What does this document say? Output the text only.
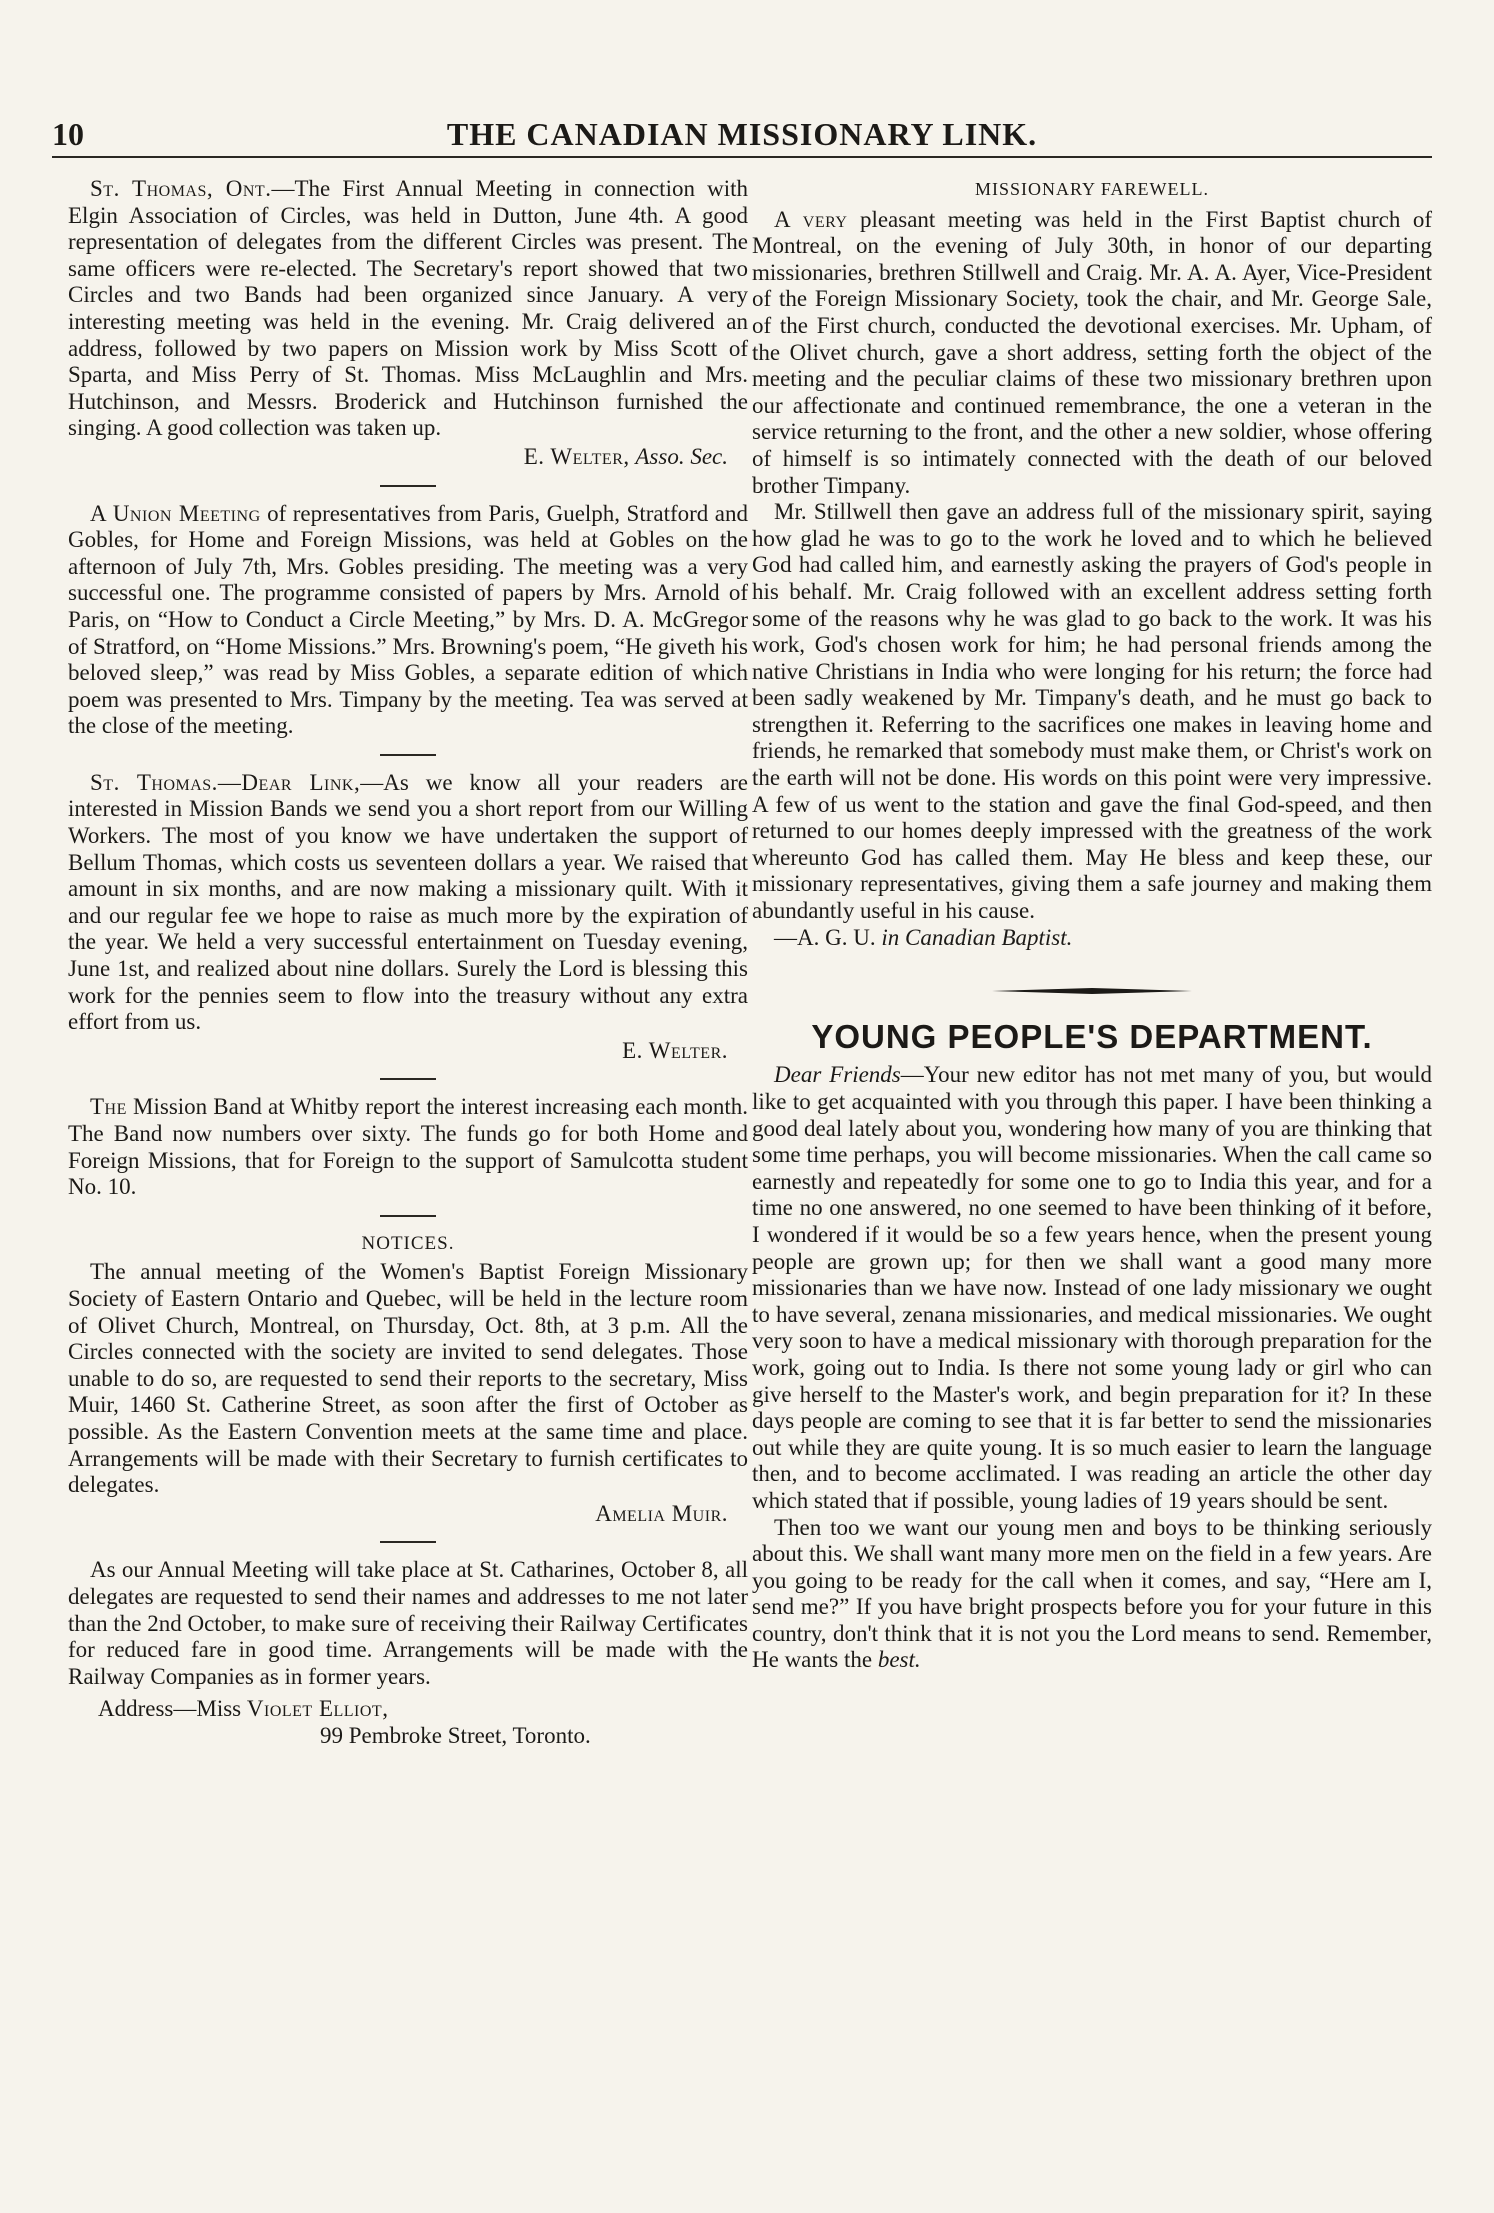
10	THE CANADIAN MISSIONARY LINK.

St. Thomas, Ont.—The First Annual Meeting in connection with Elgin Association of Circles, was held in Dutton, June 4th. A good representation of delegates from the different Circles was present. The same officers were re-elected. The Secretary's report showed that two Circles and two Bands had been organized since January. A very interesting meeting was held in the evening. Mr. Craig delivered an address, followed by two papers on Mission work by Miss Scott of Sparta, and Miss Perry of St. Thomas. Miss McLaughlin and Mrs. Hutchinson, and Messrs. Broderick and Hutchinson furnished the singing. A good collection was taken up.

E. Welter, Asso. Sec.

A Union Meeting of representatives from Paris, Guelph, Stratford and Gobles, for Home and Foreign Missions, was held at Gobles on the afternoon of July 7th, Mrs. Gobles presiding. The meeting was a very successful one. The programme consisted of papers by Mrs. Arnold of Paris, on “How to Conduct a Circle Meeting,” by Mrs. D. A. McGregor of Stratford, on “Home Missions.” Mrs. Browning's poem, “He giveth his beloved sleep,” was read by Miss Gobles, a separate edition of which poem was presented to Mrs. Timpany by the meeting. Tea was served at the close of the meeting.

St. Thomas.—Dear Link,—As we know all your readers are interested in Mission Bands we send you a short report from our Willing Workers. The most of you know we have undertaken the support of Bellum Thomas, which costs us seventeen dollars a year. We raised that amount in six months, and are now making a missionary quilt. With it and our regular fee we hope to raise as much more by the expiration of the year. We held a very successful entertainment on Tuesday evening, June 1st, and realized about nine dollars. Surely the Lord is blessing this work for the pennies seem to flow into the treasury without any extra effort from us.

E. Welter.

The Mission Band at Whitby report the interest increasing each month. The Band now numbers over sixty. The funds go for both Home and Foreign Missions, that for Foreign to the support of Samulcotta student No. 10.

NOTICES.

The annual meeting of the Women's Baptist Foreign Missionary Society of Eastern Ontario and Quebec, will be held in the lecture room of Olivet Church, Montreal, on Thursday, Oct. 8th, at 3 p.m. All the Circles connected with the society are invited to send delegates. Those unable to do so, are requested to send their reports to the secretary, Miss Muir, 1460 St. Catherine Street, as soon after the first of October as possible. As the Eastern Convention meets at the same time and place. Arrangements will be made with their Secretary to furnish certificates to delegates.

Amelia Muir.

As our Annual Meeting will take place at St. Catharines, October 8, all delegates are requested to send their names and addresses to me not later than the 2nd October, to make sure of receiving their Railway Certificates for reduced fare in good time. Arrangements will be made with the Railway Companies as in former years.

Address—Miss Violet Elliot,

99 Pembroke Street, Toronto.

MISSIONARY FAREWELL.

A very pleasant meeting was held in the First Baptist church of Montreal, on the evening of July 30th, in honor of our departing missionaries, brethren Stillwell and Craig. Mr. A. A. Ayer, Vice-President of the Foreign Missionary Society, took the chair, and Mr. George Sale, of the First church, conducted the devotional exercises. Mr. Upham, of the Olivet church, gave a short address, setting forth the object of the meeting and the peculiar claims of these two missionary brethren upon our affectionate and continued remembrance, the one a veteran in the service returning to the front, and the other a new soldier, whose offering of himself is so intimately connected with the death of our beloved brother Timpany.

Mr. Stillwell then gave an address full of the missionary spirit, saying how glad he was to go to the work he loved and to which he believed God had called him, and earnestly asking the prayers of God's people in his behalf. Mr. Craig followed with an excellent address setting forth some of the reasons why he was glad to go back to the work. It was his work, God's chosen work for him; he had personal friends among the native Christians in India who were longing for his return; the force had been sadly weakened by Mr. Timpany's death, and he must go back to strengthen it. Referring to the sacrifices one makes in leaving home and friends, he remarked that somebody must make them, or Christ's work on the earth will not be done. His words on this point were very impressive. A few of us went to the station and gave the final God-speed, and then returned to our homes deeply impressed with the greatness of the work whereunto God has called them. May He bless and keep these, our missionary representatives, giving them a safe journey and making them abundantly useful in his cause.

—A. G. U. in Canadian Baptist.

YOUNG PEOPLE'S DEPARTMENT.

Dear Friends—Your new editor has not met many of you, but would like to get acquainted with you through this paper. I have been thinking a good deal lately about you, wondering how many of you are thinking that some time perhaps, you will become missionaries. When the call came so earnestly and repeatedly for some one to go to India this year, and for a time no one answered, no one seemed to have been thinking of it before, I wondered if it would be so a few years hence, when the present young people are grown up; for then we shall want a good many more missionaries than we have now. Instead of one lady missionary we ought to have several, zenana missionaries, and medical missionaries. We ought very soon to have a medical missionary with thorough preparation for the work, going out to India. Is there not some young lady or girl who can give herself to the Master's work, and begin preparation for it? In these days people are coming to see that it is far better to send the missionaries out while they are quite young. It is so much easier to learn the language then, and to become acclimated. I was reading an article the other day which stated that if possible, young ladies of 19 years should be sent.

Then too we want our young men and boys to be thinking seriously about this. We shall want many more men on the field in a few years. Are you going to be ready for the call when it comes, and say, “Here am I, send me?” If you have bright prospects before you for your future in this country, don't think that it is not you the Lord means to send. Remember, He wants the best.
